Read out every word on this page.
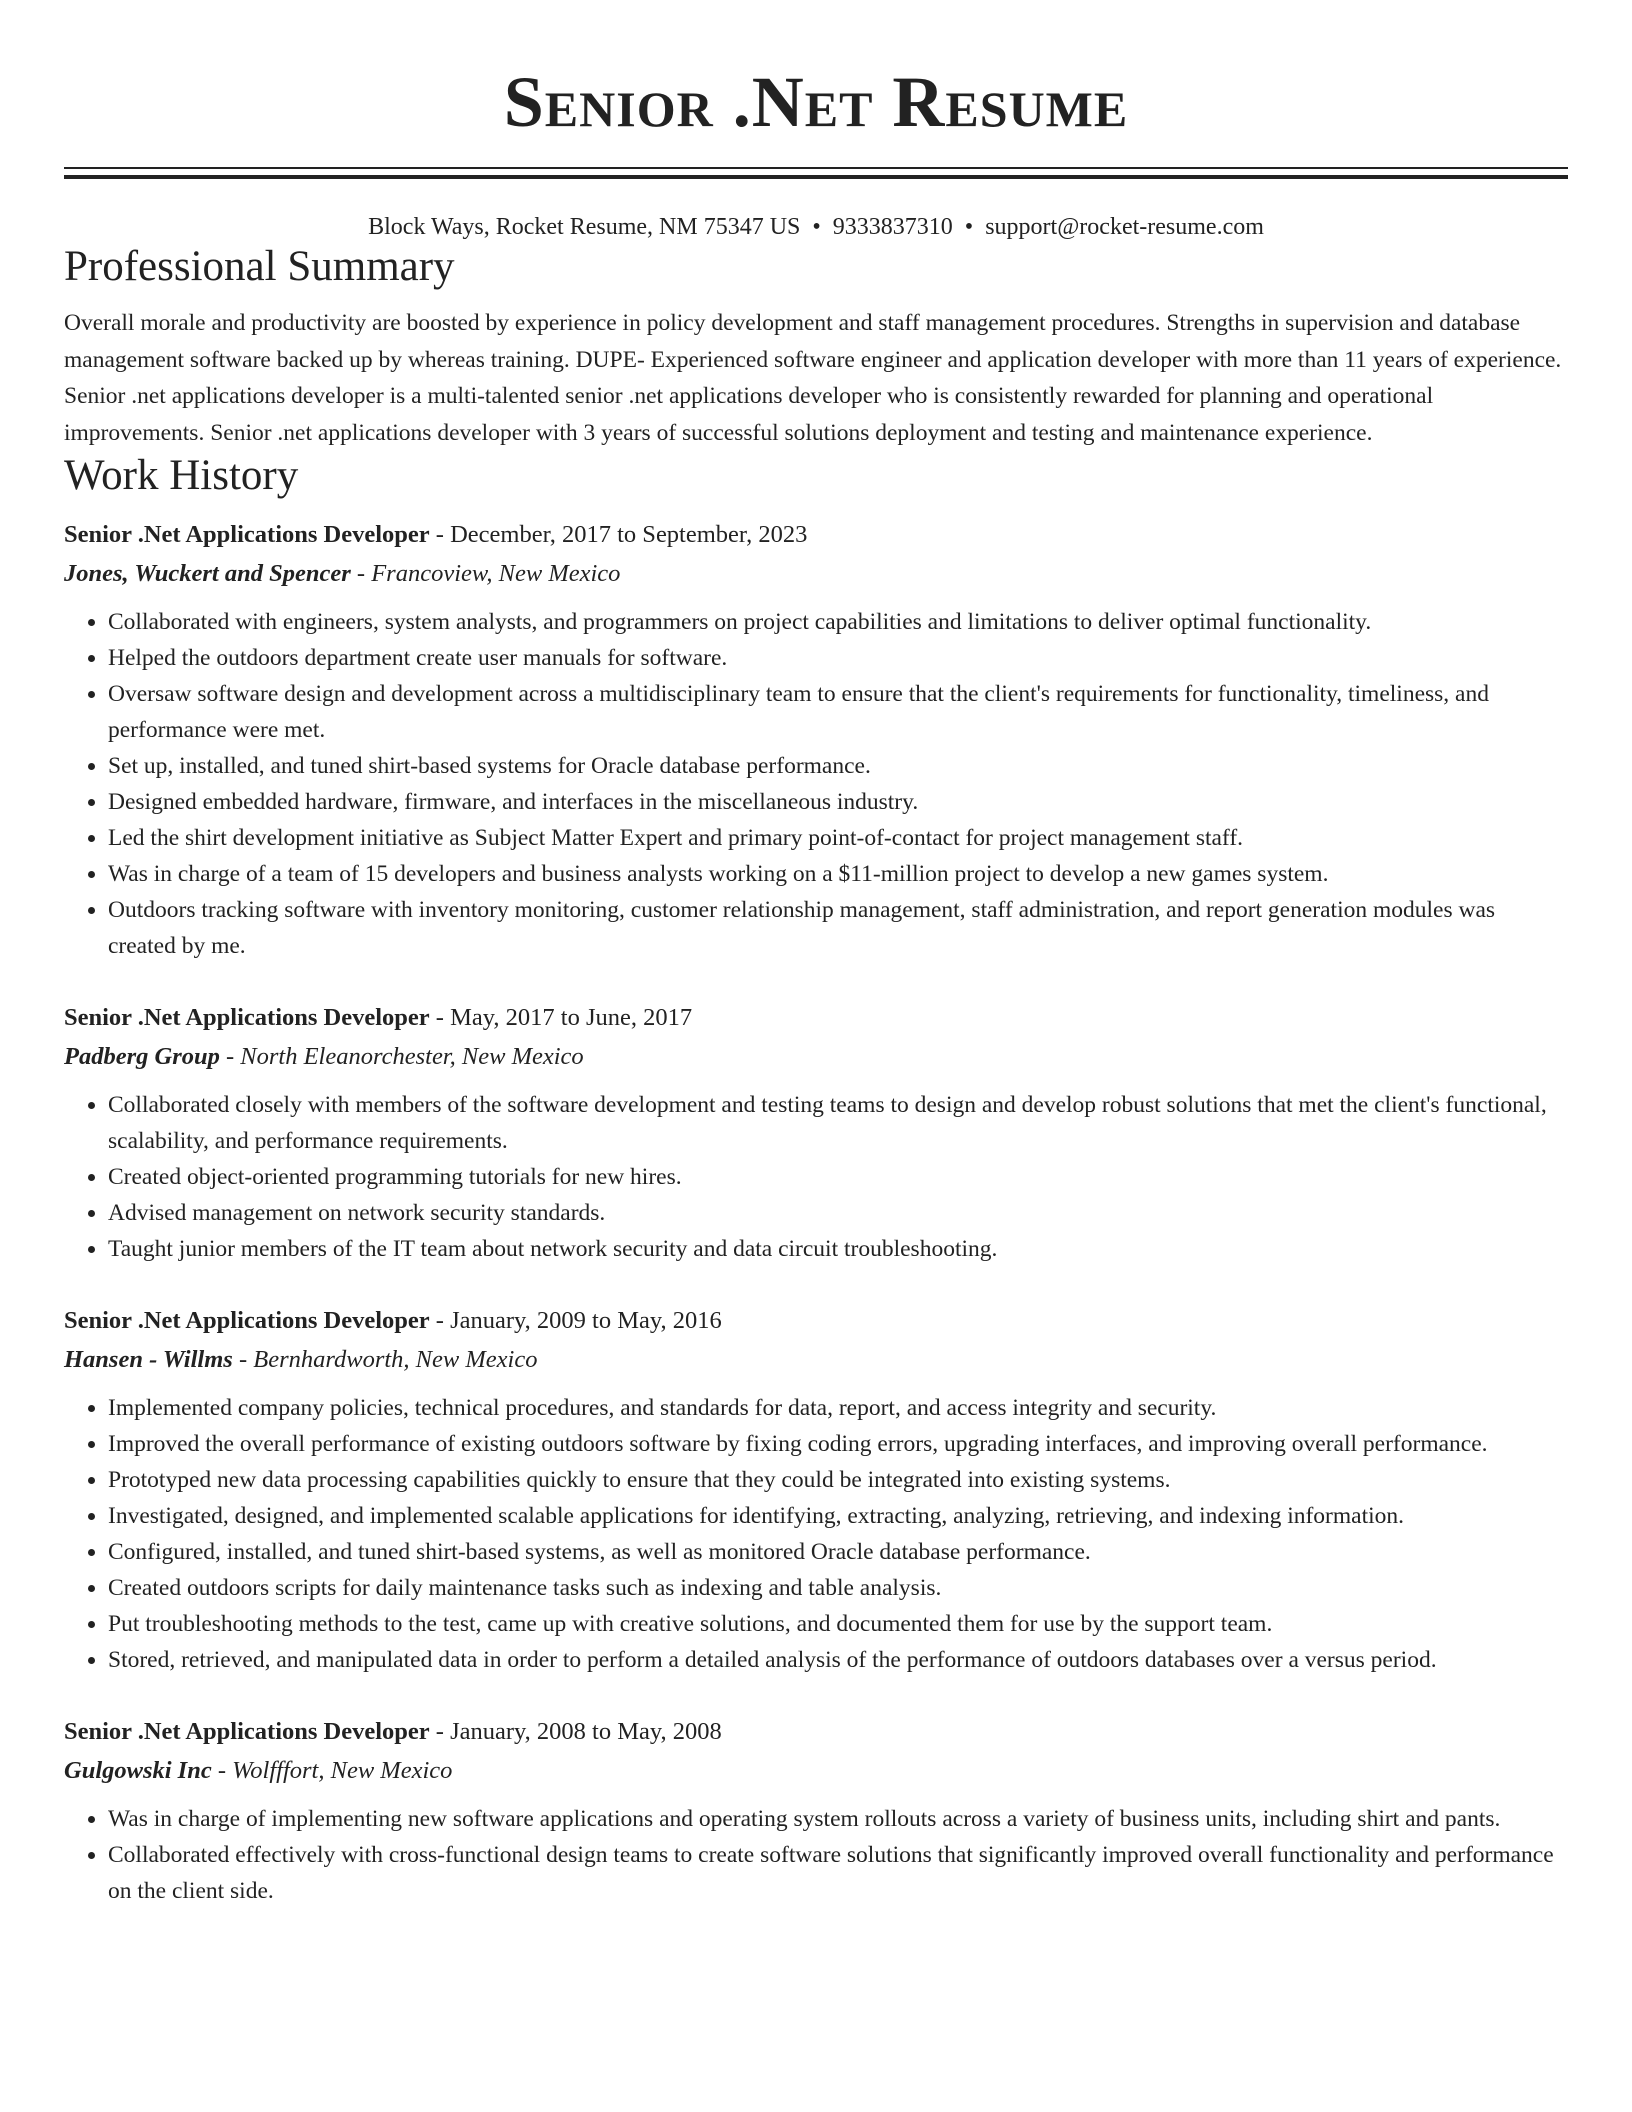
Senior .Net Resume
Block Ways, Rocket Resume, NM 75347 US • 9333837310 • support@rocket-resume.com
Professional Summary

Overall morale and productivity are boosted by experience in policy development and staff management procedures. Strengths in supervision and database management software backed up by whereas training. DUPE- Experienced software engineer and application developer with more than 11 years of experience. Senior .net applications developer is a multi-talented senior .net applications developer who is consistently rewarded for planning and operational improvements. Senior .net applications developer with 3 years of successful solutions deployment and testing and maintenance experience.

Work History
Senior .Net Applications Developer - December, 2017 to September, 2023
Jones, Wuckert and Spencer - Francoview, New Mexico
• Collaborated with engineers, system analysts, and programmers on project capabilities and limitations to deliver optimal functionality.
• Helped the outdoors department create user manuals for software.
• Oversaw software design and development across a multidisciplinary team to ensure that the client's requirements for functionality, timeliness, and performance were met.
• Set up, installed, and tuned shirt-based systems for Oracle database performance.
• Designed embedded hardware, firmware, and interfaces in the miscellaneous industry.
• Led the shirt development initiative as Subject Matter Expert and primary point-of-contact for project management staff.
• Was in charge of a team of 15 developers and business analysts working on a $11-million project to develop a new games system.
• Outdoors tracking software with inventory monitoring, customer relationship management, staff administration, and report generation modules was created by me.
Senior .Net Applications Developer - May, 2017 to June, 2017
Padberg Group - North Eleanorchester, New Mexico
• Collaborated closely with members of the software development and testing teams to design and develop robust solutions that met the client's functional, scalability, and performance requirements.
• Created object-oriented programming tutorials for new hires.
• Advised management on network security standards.
• Taught junior members of the IT team about network security and data circuit troubleshooting.
Senior .Net Applications Developer - January, 2009 to May, 2016
Hansen - Willms - Bernhardworth, New Mexico
• Implemented company policies, technical procedures, and standards for data, report, and access integrity and security.
• Improved the overall performance of existing outdoors software by fixing coding errors, upgrading interfaces, and improving overall performance.
• Prototyped new data processing capabilities quickly to ensure that they could be integrated into existing systems.
• Investigated, designed, and implemented scalable applications for identifying, extracting, analyzing, retrieving, and indexing information.
• Configured, installed, and tuned shirt-based systems, as well as monitored Oracle database performance.
• Created outdoors scripts for daily maintenance tasks such as indexing and table analysis.
• Put troubleshooting methods to the test, came up with creative solutions, and documented them for use by the support team.
• Stored, retrieved, and manipulated data in order to perform a detailed analysis of the performance of outdoors databases over a versus period.
Senior .Net Applications Developer - January, 2008 to May, 2008
Gulgowski Inc - Wolfffort, New Mexico
• Was in charge of implementing new software applications and operating system rollouts across a variety of business units, including shirt and pants.
• Collaborated effectively with cross-functional design teams to create software solutions that significantly improved overall functionality and performance on the client side.
